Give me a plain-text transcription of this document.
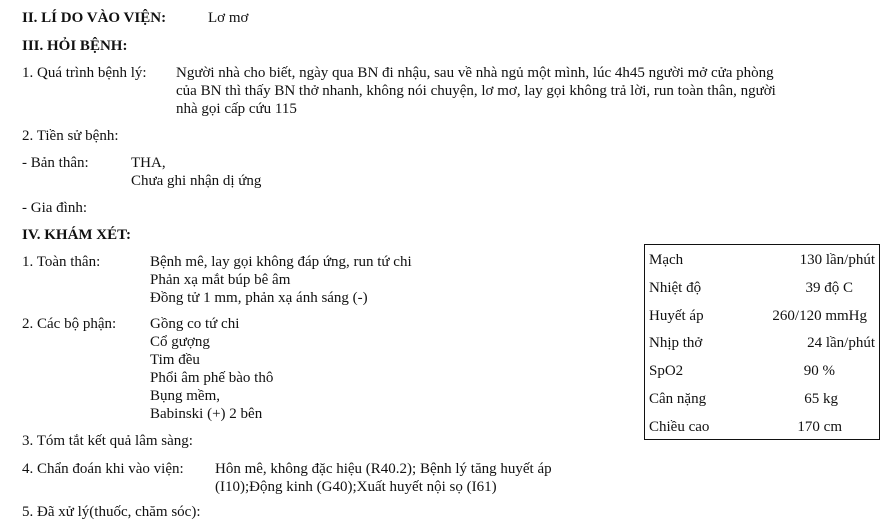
II. LÍ DO VÀO VIỆN:	Lơ mơ
III. HỎI BỆNH:
1. Quá trình bệnh lý: Người nhà cho biết, ngày qua BN đi nhậu, sau về nhà ngủ một mình, lúc 4h45 người mở cửa phòng
của BN thì thấy BN thở nhanh, không nói chuyện, lơ mơ, lay gọi không trả lời, run toàn thân, người
nhà gọi cấp cứu 115
2. Tiền sử bệnh:
- Bản thân:	THA,
Chưa ghi nhận dị ứng
- Gia đình:
IV. KHÁM XÉT:
1. Toàn thân:	Bệnh mê, lay gọi không đáp ứng, run tứ chi
Phản xạ mắt búp bê âm
Đồng tử 1 mm, phản xạ ánh sáng (-)
2. Các bộ phận: Gồng co tứ chi
Cổ gượng
Tim đều
Phổi âm phế bào thô
Bụng mềm,
Babinski (+) 2 bên
3. Tóm tắt kết quả lâm sàng:
4. Chẩn đoán khi vào viện: Hôn mê, không đặc hiệu (R40.2); Bệnh lý tăng huyết áp
(I10);Động kinh (G40);Xuất huyết nội sọ (I61)
5. Đã xử lý(thuốc, chăm sóc):
Mạch	130 lần/phút
Nhiệt độ	39 độ C
Huyết áp	260/120 mmHg
Nhịp thở	24 lần/phút
SpO2	90 %
Cân nặng	65 kg
Chiều cao	170 cm
